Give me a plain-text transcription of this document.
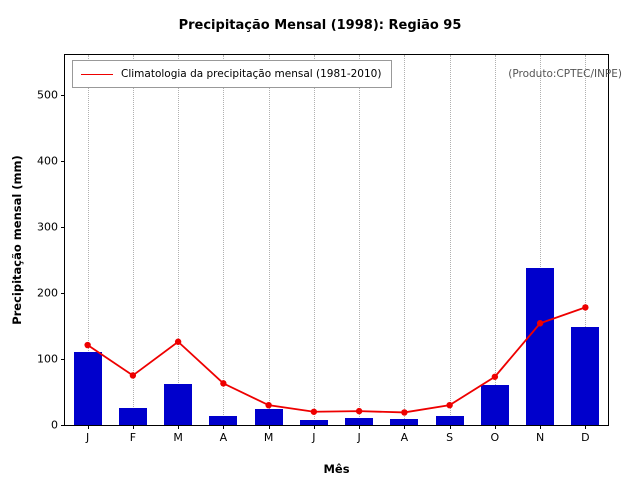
Precipitação Mensal (1998): Região 95
Precipitação mensal (mm)
Mês
0
100
200
300
400
500
J	F	M	A	M	J	J	A	S	O	N	D
Climatologia da precipitação mensal (1981-2010)	(Produto:CPTEC/INPE)
